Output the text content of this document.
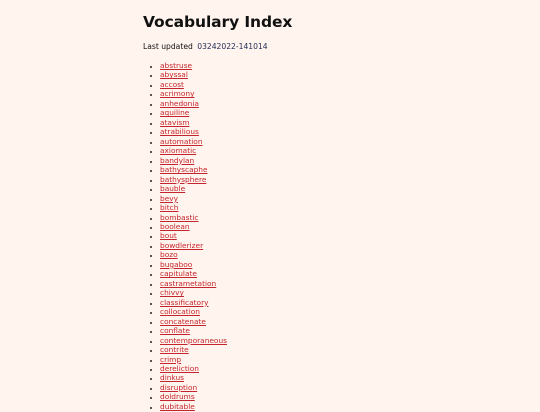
Vocabulary Index
Last updated 03242022-141014
• abstruse
• abyssal
• accost
• acrimony
• anhedonia
• aquiline
• atavism
• atrabilious
• automation
• axiomatic
• bandylan
• bathyscaphe
• bathysphere
• bauble
• bevy
• bitch
• bombastic
• boolean
• bout
• bowdlerizer
• bozo
• bugaboo
• capitulate
• castrametation
• chivvy
• classificatory
• collocation
• concatenate
• conflate
• contemporaneous
• contrite
• crimp
• dereliction
• dinkus
• disruption
• doldrums
• dubitable
